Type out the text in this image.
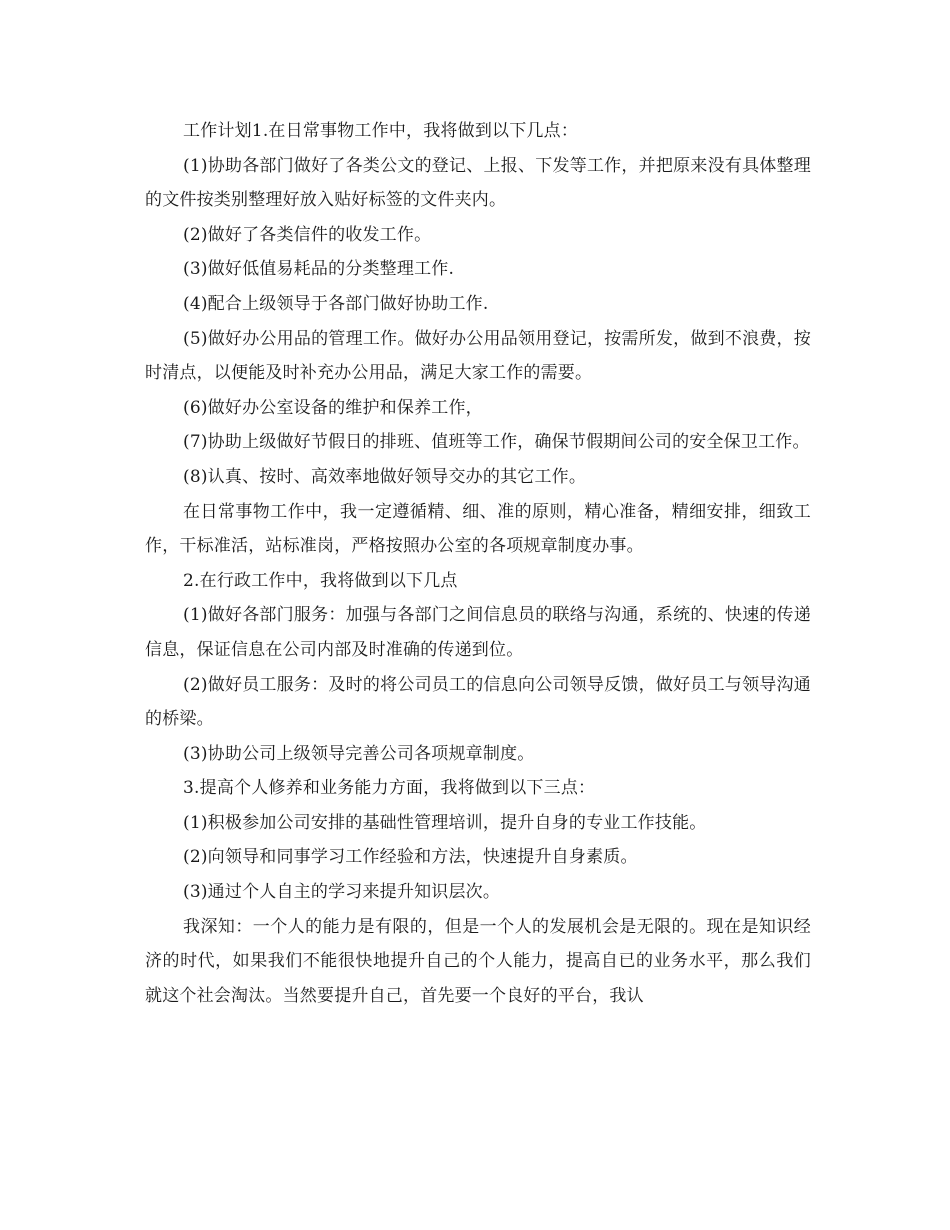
工作计划1.在日常事物工作中，我将做到以下几点：

(1)协助各部门做好了各类公文的登记、上报、下发等工作，并把原来没有具体整理的文件按类别整理好放入贴好标签的文件夹内。

(2)做好了各类信件的收发工作。

(3)做好低值易耗品的分类整理工作.

(4)配合上级领导于各部门做好协助工作.

(5)做好办公用品的管理工作。做好办公用品领用登记，按需所发，做到不浪费，按时清点，以便能及时补充办公用品，满足大家工作的需要。

(6)做好办公室设备的维护和保养工作，

(7)协助上级做好节假日的排班、值班等工作，确保节假期间公司的安全保卫工作。

(8)认真、按时、高效率地做好领导交办的其它工作。

在日常事物工作中，我一定遵循精、细、准的原则，精心准备，精细安排，细致工作，干标准活，站标准岗，严格按照办公室的各项规章制度办事。

2.在行政工作中，我将做到以下几点

(1)做好各部门服务：加强与各部门之间信息员的联络与沟通，系统的、快速的传递信息，保证信息在公司内部及时准确的传递到位。

(2)做好员工服务：及时的将公司员工的信息向公司领导反馈，做好员工与领导沟通的桥梁。

(3)协助公司上级领导完善公司各项规章制度。

3.提高个人修养和业务能力方面，我将做到以下三点：

(1)积极参加公司安排的基础性管理培训，提升自身的专业工作技能。

(2)向领导和同事学习工作经验和方法，快速提升自身素质。

(3)通过个人自主的学习来提升知识层次。

我深知：一个人的能力是有限的，但是一个人的发展机会是无限的。现在是知识经济的时代，如果我们不能很快地提升自己的个人能力，提高自已的业务水平，那么我们就这个社会淘汰。当然要提升自己，首先要一个良好的平台，我认
